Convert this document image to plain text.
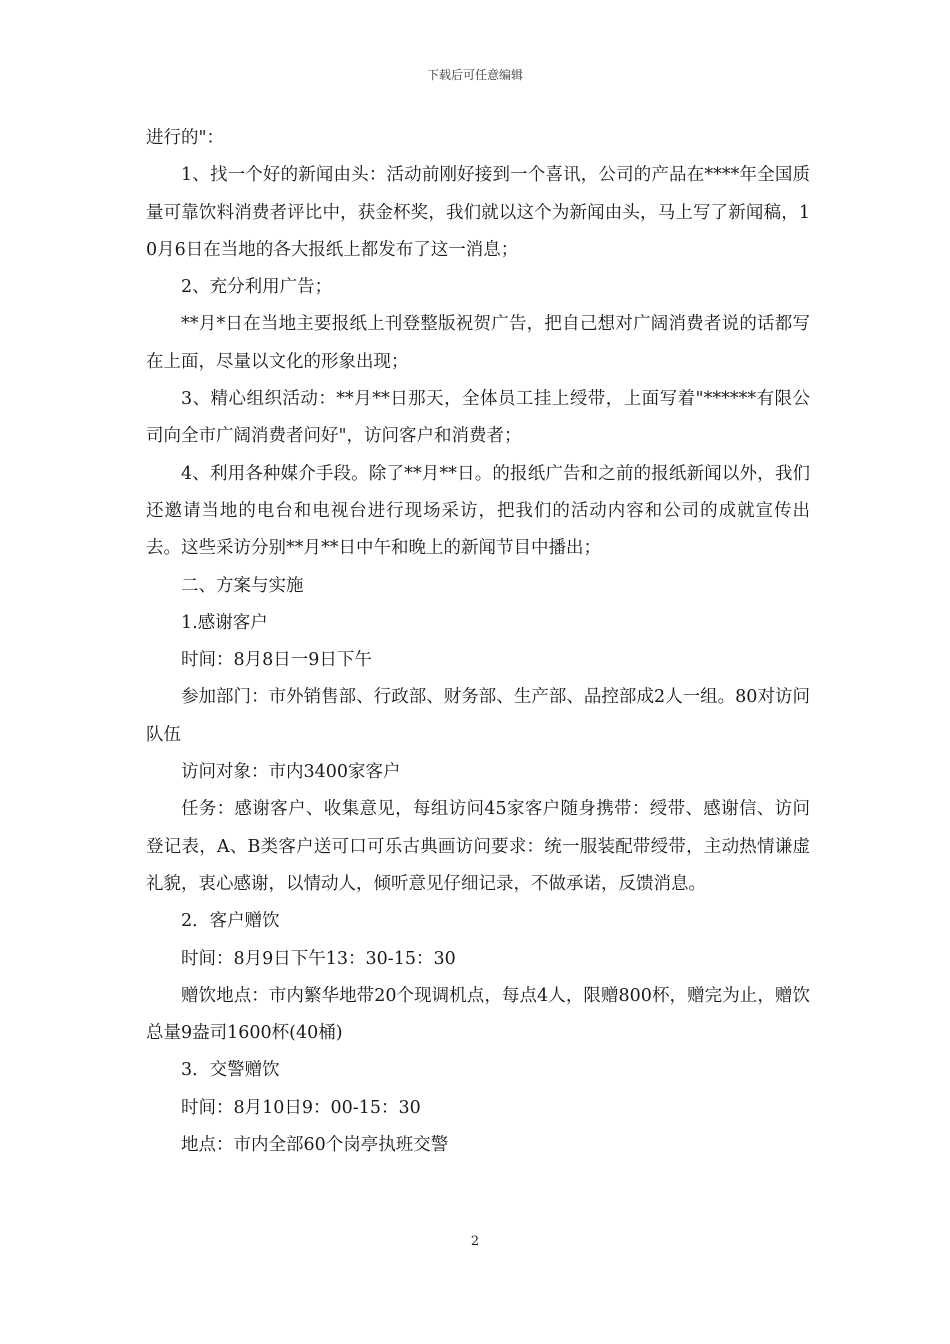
下载后可任意编辑

进行的"：

1、找一个好的新闻由头：活动前刚好接到一个喜讯，公司的产品在****年全国质量可靠饮料消费者评比中，获金杯奖，我们就以这个为新闻由头，马上写了新闻稿，10月6日在当地的各大报纸上都发布了这一消息；

2、充分利用广告；

**月*日在当地主要报纸上刊登整版祝贺广告，把自己想对广阔消费者说的话都写在上面，尽量以文化的形象出现；

3、精心组织活动：**月**日那天，全体员工挂上绶带，上面写着"******有限公司向全市广阔消费者问好"，访问客户和消费者；

4、利用各种媒介手段。除了**月**日。的报纸广告和之前的报纸新闻以外，我们还邀请当地的电台和电视台进行现场采访，把我们的活动内容和公司的成就宣传出去。这些采访分别**月**日中午和晚上的新闻节目中播出；

二、方案与实施

1.感谢客户

时间：8月8日一9日下午

参加部门：市外销售部、行政部、财务部、生产部、品控部成2人一组。80对访问队伍

访问对象：市内3400家客户

任务：感谢客户、收集意见，每组访问45家客户随身携带：绶带、感谢信、访问登记表，A、B类客户送可口可乐古典画访问要求：统一服装配带绶带，主动热情谦虚礼貌，衷心感谢，以情动人，倾听意见仔细记录，不做承诺，反馈消息。

2．客户赠饮

时间：8月9日下午13：30-15：30

赠饮地点：市内繁华地带20个现调机点，每点4人，限赠800杯，赠完为止，赠饮总量9盎司1600杯(40桶)

3．交警赠饮

时间：8月10日9：00-15：30

地点：市内全部60个岗亭执班交警

2
